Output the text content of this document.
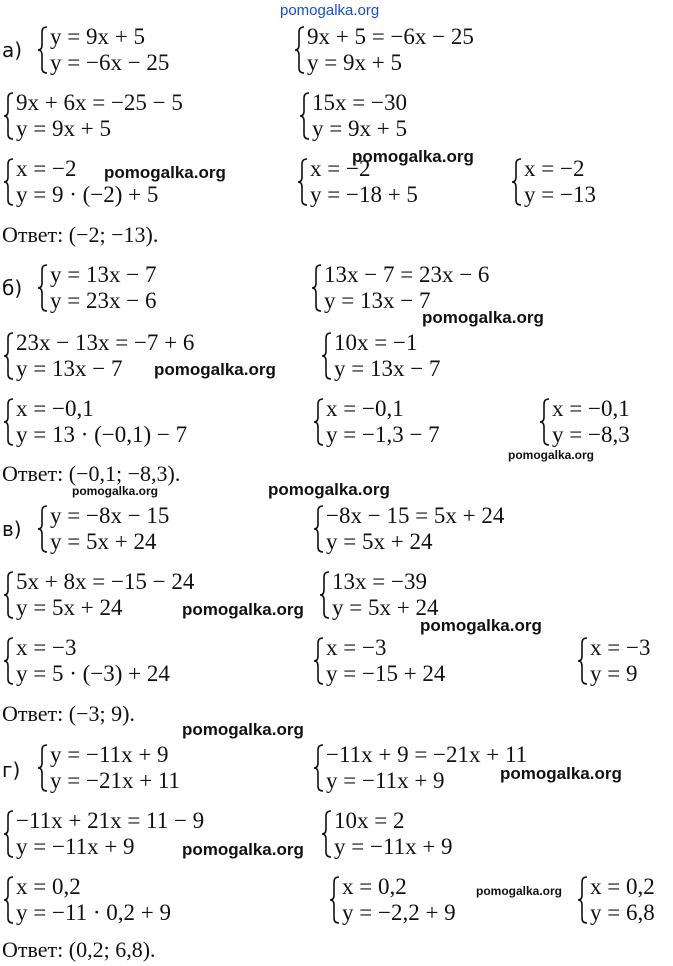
pomogalka.org
а)
y = 9x + 5
y = −6x − 25
9x + 5 = −6x − 25
y = 9x + 5
9x + 6x = −25 − 5
y = 9x + 5
15x = −30
y = 9x + 5
x = −2
y = 9 · (−2) + 5
x = −2
y = −18 + 5
x = −2
y = −13
Ответ: (−2; −13).
pomogalka.org
pomogalka.org
б)
y = 13x − 7
y = 23x − 6
13x − 7 = 23x − 6
y = 13x − 7
23x − 13x = −7 + 6
y = 13x − 7
10x = −1
y = 13x − 7
x = −0,1
y = 13 · (−0,1) − 7
x = −0,1
y = −1,3 − 7
x = −0,1
y = −8,3
Ответ: (−0,1; −8,3).
pomogalka.org
pomogalka.org
pomogalka.org
pomogalka.org	pomogalka.org
в)
y = −8x − 15
y = 5x + 24
−8x − 15 = 5x + 24
y = 5x + 24
5x + 8x = −15 − 24
y = 5x + 24
13x = −39
y = 5x + 24
x = −3
y = 5 · (−3) + 24
x = −3
y = −15 + 24
x = −3
y = 9
Ответ: (−3; 9).
pomogalka.org
pomogalka.org
pomogalka.org
г)
y = −11x + 9
y = −21x + 11
−11x + 9 = −21x + 11
y = −11x + 9
−11x + 21x = 11 − 9
y = −11x + 9
10x = 2
y = −11x + 9
x = 0,2
y = −11 · 0,2 + 9
x = 0,2
y = −2,2 + 9
x = 0,2
y = 6,8
Ответ: (0,2; 6,8).
pomogalka.org
pomogalka.org
pomogalka.org
